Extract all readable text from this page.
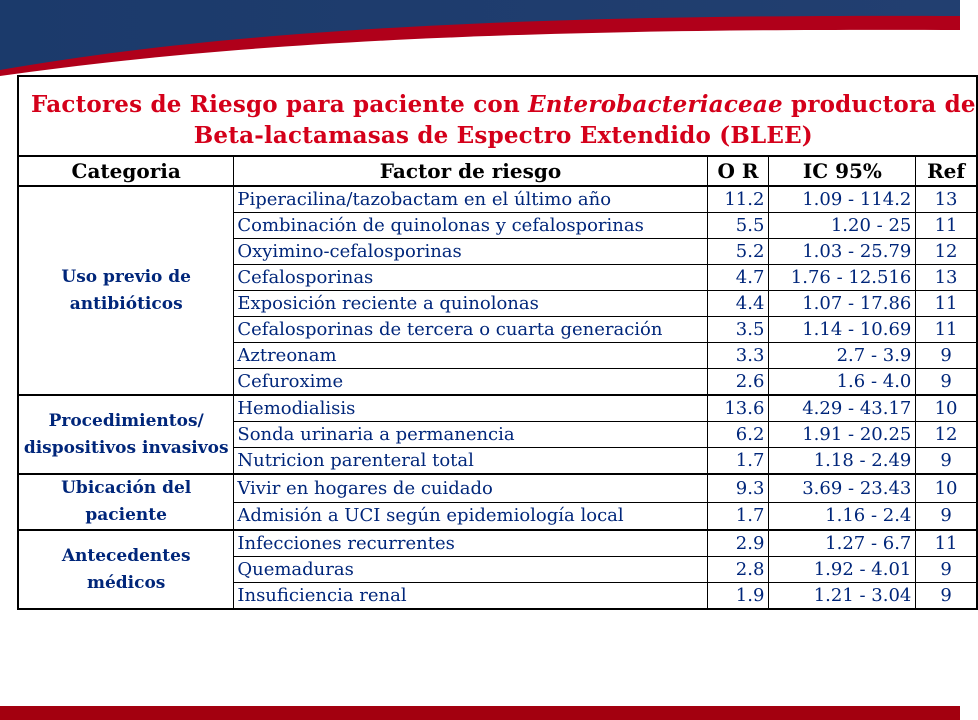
Factores de Riesgo para paciente con Enterobacteriaceae productora de
Beta-lactamasas de Espectro Extendido (BLEE)				
Categoria	Factor de riesgo	O R	IC 95%	Ref
Uso previo de antibióticos	Piperacilina/tazobactam en el último año	11.2	1.09 - 114.2	13
	Combinación de quinolonas y cefalosporinas	5.5	1.20 - 25	11
	Oxyimino-cefalosporinas	5.2	1.03 - 25.79	12
	Cefalosporinas	4.7	1.76 - 12.516	13
	Exposición reciente a quinolonas	4.4	1.07 - 17.86	11
	Cefalosporinas de tercera o cuarta generación	3.5	1.14 - 10.69	11
	Aztreonam	3.3	2.7 - 3.9	9
	Cefuroxime	2.6	1.6 - 4.0	9
Procedimientos/ dispositivos invasivos	Hemodialisis	13.6	4.29 - 43.17	10
	Sonda urinaria a permanencia	6.2	1.91 - 20.25	12
	Nutricion parenteral total	1.7	1.18 - 2.49	9
Ubicación del paciente	Vivir en hogares de cuidado	9.3	3.69 - 23.43	10
	Admisión a UCI según epidemiología local	1.7	1.16 - 2.4	9
Antecedentes médicos	Infecciones recurrentes	2.9	1.27 - 6.7	11
	Quemaduras	2.8	1.92 - 4.01	9
	Insuficiencia renal	1.9	1.21 - 3.04	9
